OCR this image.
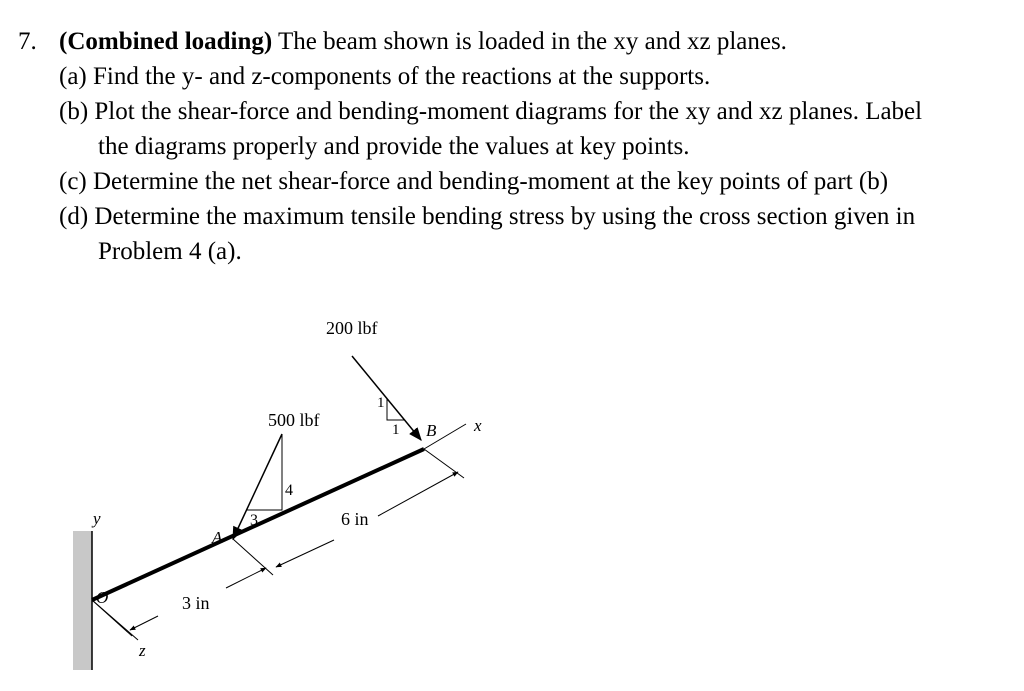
7. (Combined loading) The beam shown is loaded in the xy and xz planes.
(a) Find the y- and z-components of the reactions at the supports.
(b) Plot the shear-force and bending-moment diagrams for the xy and xz planes. Label
the diagrams properly and provide the values at key points.
(c) Determine the net shear-force and bending-moment at the key points of part (b)
(d) Determine the maximum tensile bending stress by using the cross section given in
Problem 4 (a).
y
z
x
O
4
3
500 lbf
A
1
1
200 lbf
B
3 in
6 in
